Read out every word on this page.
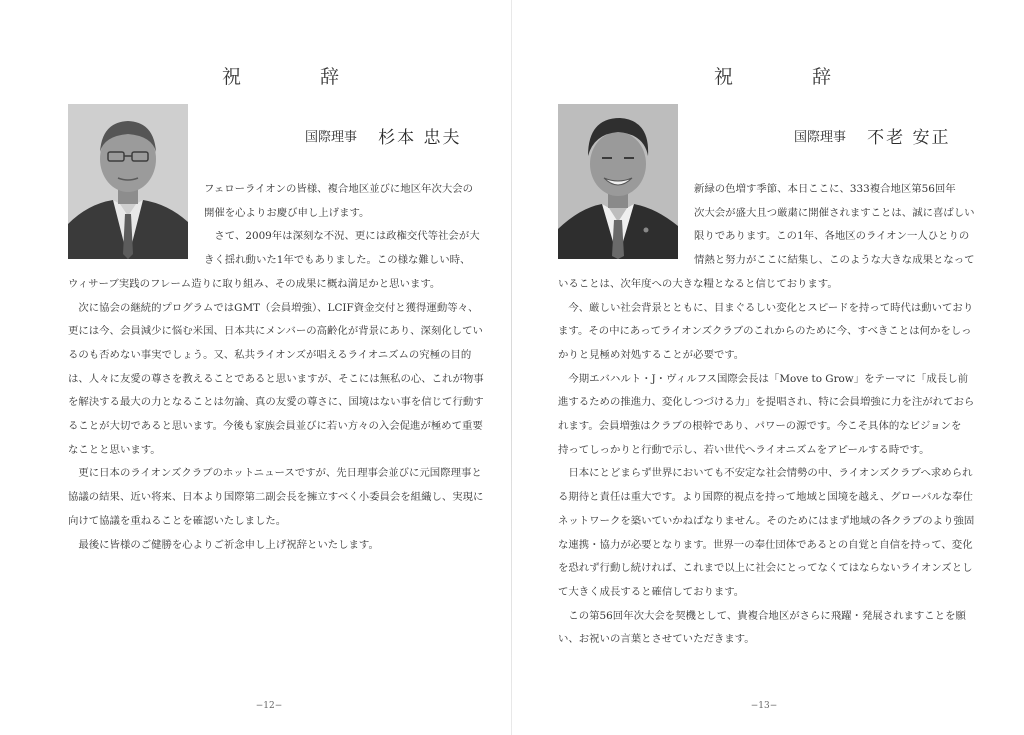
祝　辞
国際理事 杉本 忠夫
フェローライオンの皆様、複合地区並びに地区年次大会の
開催を心よりお慶び申し上げます。
　さて、2009年は深刻な不況、更には政権交代等社会が大
きく揺れ動いた1年でもありました。この様な難しい時、
ウィサーブ実践のフレーム造りに取り組み、その成果に概ね満足かと思います。
　次に協会の継続的プログラムではGMT（会員増強）、LCIF資金交付と獲得運動等々、
更には今、会員減少に悩む米国、日本共にメンバーの高齢化が背景にあり、深刻化してい
るのも否めない事実でしょう。又、私共ライオンズが唱えるライオニズムの究極の目的
は、人々に友愛の尊さを教えることであると思いますが、そこには無私の心、これが物事
を解決する最大の力となることは勿論、真の友愛の尊さに、国境はない事を信じて行動す
ることが大切であると思います。今後も家族会員並びに若い方々の入会促進が極めて重要
なことと思います。
　更に日本のライオンズクラブのホットニュースですが、先日理事会並びに元国際理事と
協議の結果、近い将来、日本より国際第二副会長を擁立すべく小委員会を組織し、実現に
向けて協議を重ねることを確認いたしました。
　最後に皆様のご健勝を心よりご祈念申し上げ祝辞といたします。
−12−
祝　辞
国際理事 不老 安正
新緑の色増す季節、本日ここに、333複合地区第56回年
次大会が盛大且つ厳粛に開催されますことは、誠に喜ばしい
限りであります。この1年、各地区のライオン一人ひとりの
情熱と努力がここに結集し、このような大きな成果となって
いることは、次年度への大きな糧となると信じております。
　今、厳しい社会背景とともに、目まぐるしい変化とスピードを持って時代は動いており
ます。その中にあってライオンズクラブのこれからのために今、すべきことは何かをしっ
かりと見極め対処することが必要です。
　今期エバハルト・J・ヴィルフス国際会長は「Move to Grow」をテーマに「成長し前
進するための推進力、変化しつづける力」を提唱され、特に会員増強に力を注がれておら
れます。会員増強はクラブの根幹であり、パワーの源です。今こそ具体的なビジョンを
持ってしっかりと行動で示し、若い世代へライオニズムをアピールする時です。
　日本にとどまらず世界においても不安定な社会情勢の中、ライオンズクラブへ求められ
る期待と責任は重大です。より国際的視点を持って地域と国境を越え、グローバルな奉仕
ネットワークを築いていかねばなりません。そのためにはまず地域の各クラブのより強固
な連携・協力が必要となります。世界一の奉仕団体であるとの自覚と自信を持って、変化
を恐れず行動し続ければ、これまで以上に社会にとってなくてはならないライオンズとし
て大きく成長すると確信しております。
　この第56回年次大会を契機として、貴複合地区がさらに飛躍・発展されますことを願
い、お祝いの言葉とさせていただきます。
−13−
